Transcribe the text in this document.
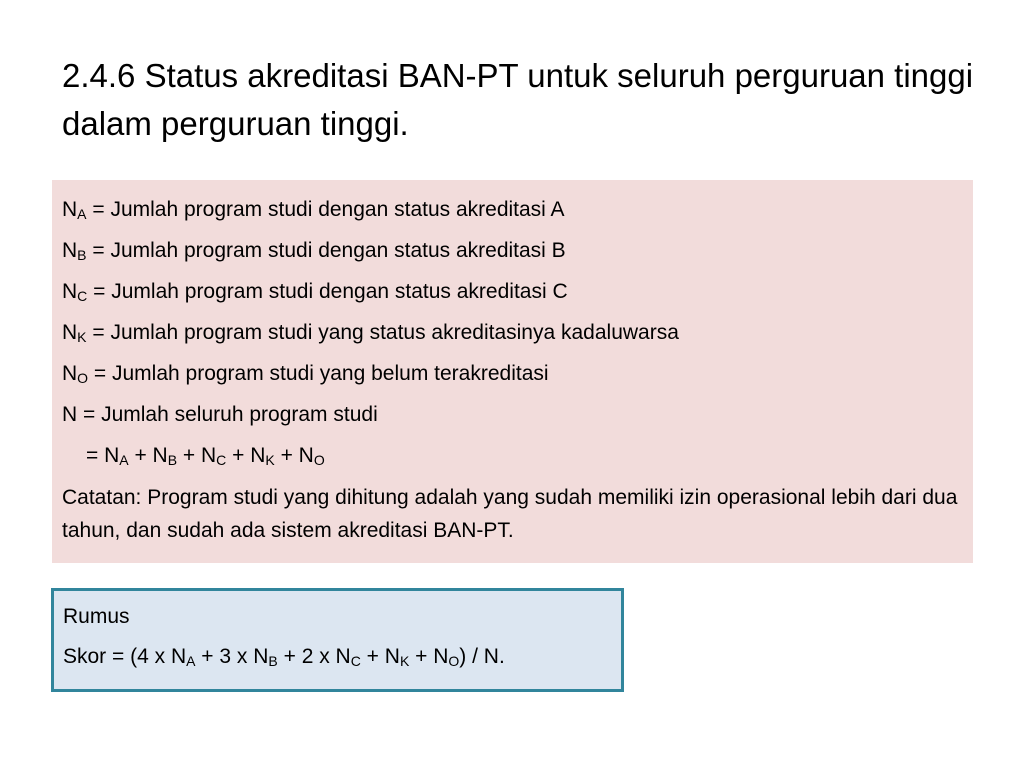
2.4.6 Status akreditasi BAN-PT untuk seluruh perguruan tinggi dalam perguruan tinggi.
$N_A$ = Jumlah program studi dengan status akreditasi A
$N_B$ = Jumlah program studi dengan status akreditasi B
$N_C$ = Jumlah program studi dengan status akreditasi C
$N_K$ = Jumlah program studi yang status akreditasinya kadaluwarsa
$N_O$ = Jumlah program studi yang belum terakreditasi
N = Jumlah seluruh program studi
= $N_A + N_B + N_C + N_K + N_O$
Catatan: Program studi yang dihitung adalah yang sudah memiliki izin operasional lebih dari dua tahun, dan sudah ada sistem akreditasi BAN-PT.
Rumus
Skor = (4 x $N_A + 3$ x $N_B + 2$ x $N_C + N_K + N_O) / N$.
